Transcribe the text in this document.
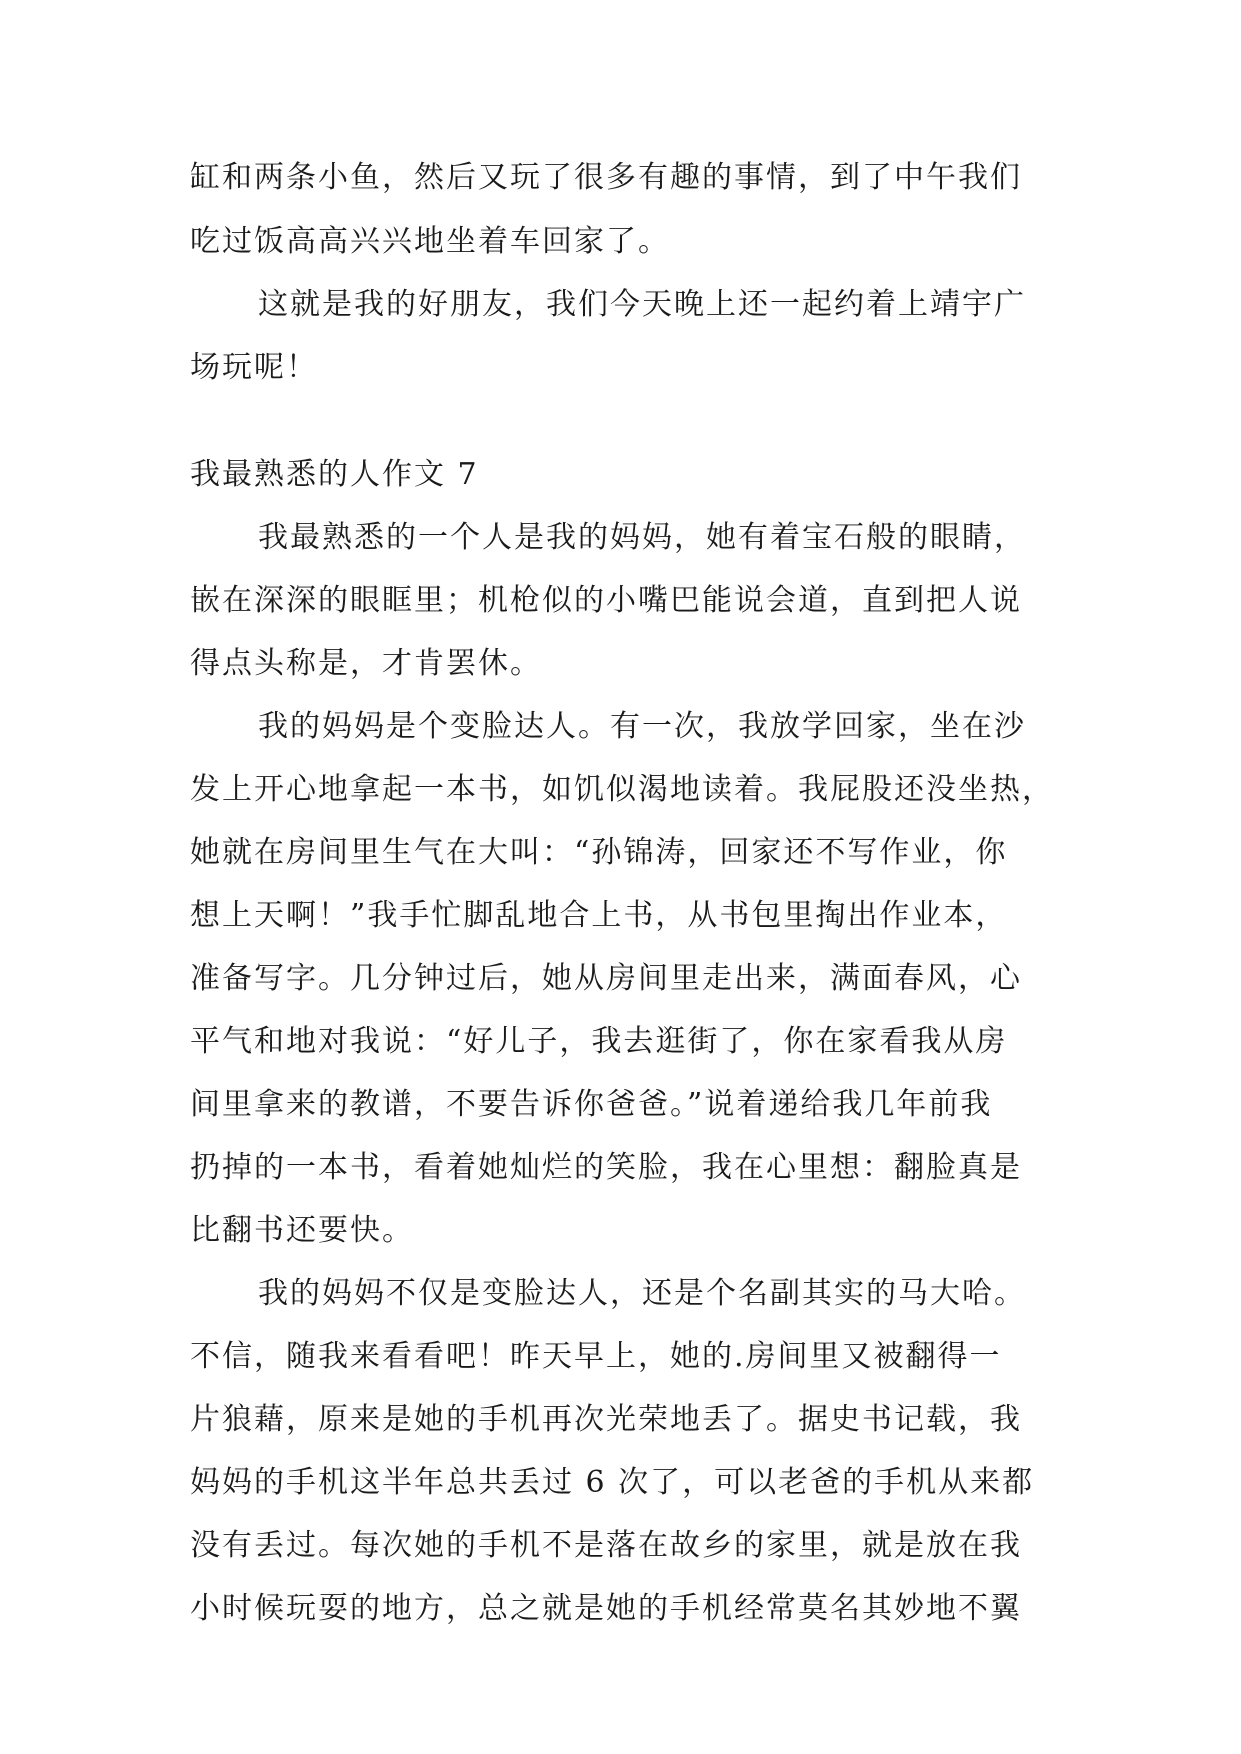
缸和两条小鱼，然后又玩了很多有趣的事情，到了中午我们
吃过饭高高兴兴地坐着车回家了。
这就是我的好朋友，我们今天晚上还一起约着上靖宇广
场玩呢！
我最熟悉的人作文 7
我最熟悉的一个人是我的妈妈，她有着宝石般的眼睛，
嵌在深深的眼眶里；机枪似的小嘴巴能说会道，直到把人说
得点头称是，才肯罢休。
我的妈妈是个变脸达人。有一次，我放学回家，坐在沙
发上开心地拿起一本书，如饥似渴地读着。我屁股还没坐热，
她就在房间里生气在大叫：“孙锦涛，回家还不写作业，你
想上天啊！”我手忙脚乱地合上书，从书包里掏出作业本，
准备写字。几分钟过后，她从房间里走出来，满面春风，心
平气和地对我说：“好儿子，我去逛街了，你在家看我从房
间里拿来的教谱，不要告诉你爸爸。”说着递给我几年前我
扔掉的一本书，看着她灿烂的笑脸，我在心里想：翻脸真是
比翻书还要快。
我的妈妈不仅是变脸达人，还是个名副其实的马大哈。
不信，随我来看看吧！昨天早上，她的.房间里又被翻得一
片狼藉，原来是她的手机再次光荣地丢了。据史书记载，我
妈妈的手机这半年总共丢过 6 次了，可以老爸的手机从来都
没有丢过。每次她的手机不是落在故乡的家里，就是放在我
小时候玩耍的地方，总之就是她的手机经常莫名其妙地不翼
